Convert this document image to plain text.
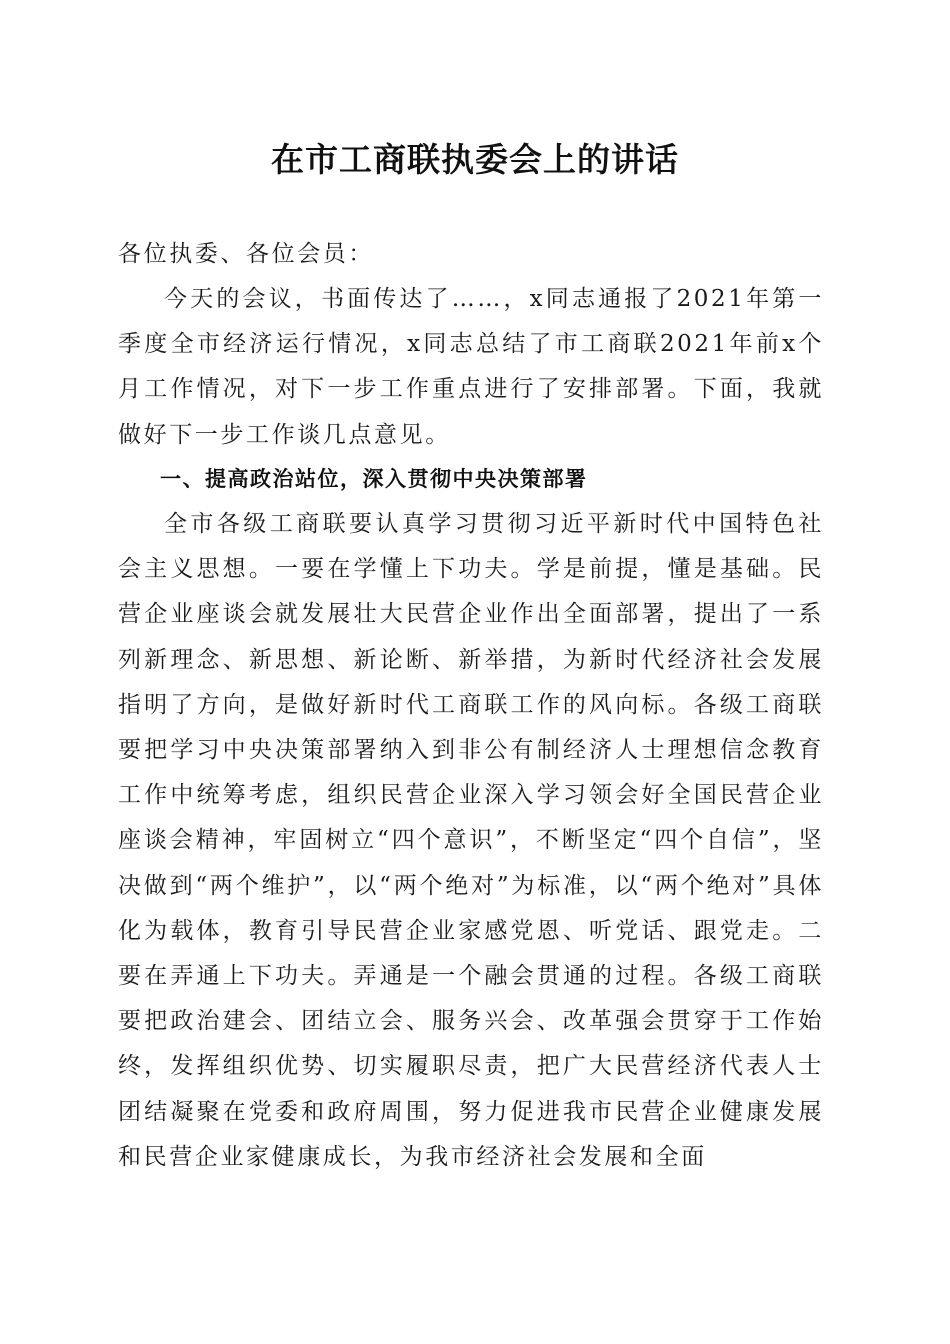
在市工商联执委会上的讲话

各位执委、各位会员：

今天的会议，书面传达了……，x同志通报了2021年第一季度全市经济运行情况，x同志总结了市工商联2021年前x个月工作情况，对下一步工作重点进行了安排部署。下面，我就做好下一步工作谈几点意见。

一、提高政治站位，深入贯彻中央决策部署

全市各级工商联要认真学习贯彻习近平新时代中国特色社会主义思想。一要在学懂上下功夫。学是前提，懂是基础。民营企业座谈会就发展壮大民营企业作出全面部署，提出了一系列新理念、新思想、新论断、新举措，为新时代经济社会发展指明了方向，是做好新时代工商联工作的风向标。各级工商联要把学习中央决策部署纳入到非公有制经济人士理想信念教育工作中统筹考虑，组织民营企业深入学习领会好全国民营企业座谈会精神，牢固树立“四个意识”，不断坚定“四个自信”，坚决做到“两个维护”，以“两个绝对”为标准，以“两个绝对”具体化为载体，教育引导民营企业家感党恩、听党话、跟党走。二要在弄通上下功夫。弄通是一个融会贯通的过程。各级工商联要把政治建会、团结立会、服务兴会、改革强会贯穿于工作始终，发挥组织优势、切实履职尽责，把广大民营经济代表人士团结凝聚在党委和政府周围，努力促进我市民营企业健康发展和民营企业家健康成长，为我市经济社会发展和全面
